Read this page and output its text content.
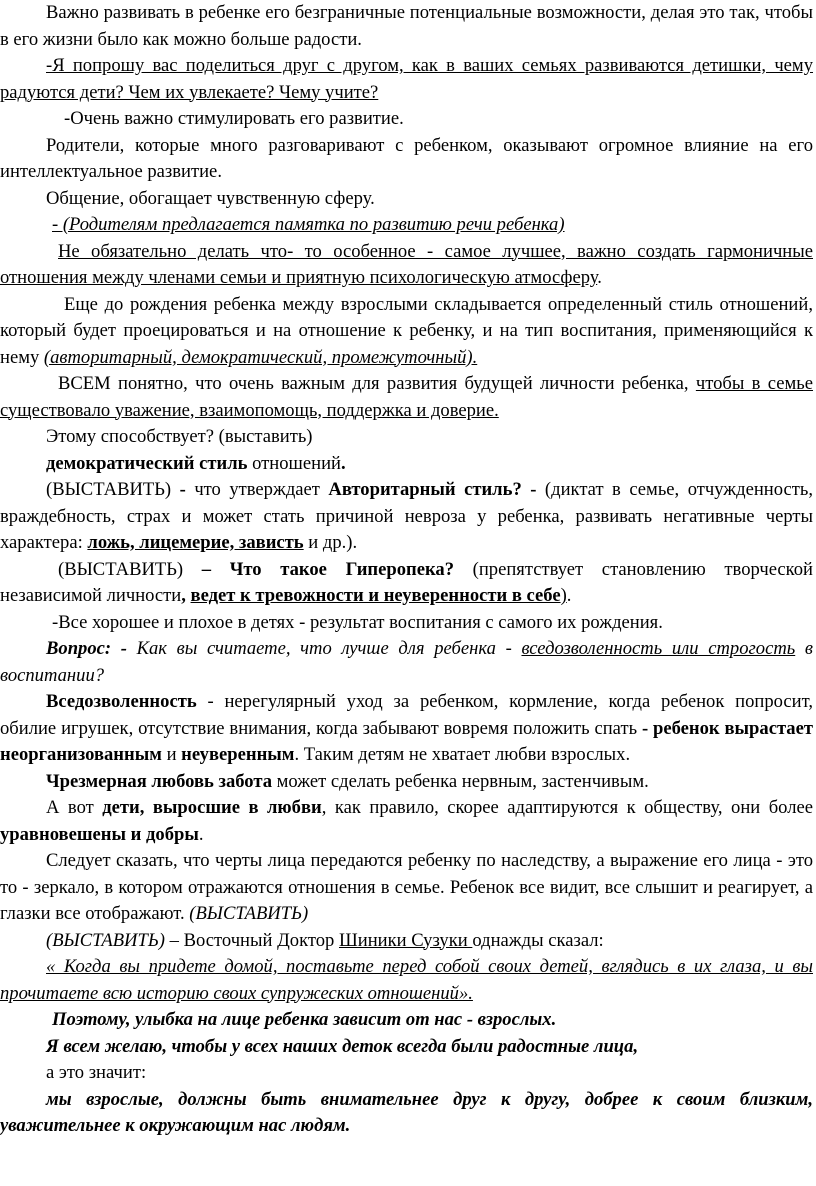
Важно развивать в ребенке его безграничные потенциальные возможности, делая это так, чтобы в его жизни было как можно больше радости.

-Я попрошу вас поделиться друг с другом, как в ваших семьях развиваются детишки, чему радуются дети? Чем их увлекаете? Чему учите?

-Очень важно стимулировать его развитие.

Родители, которые много разговаривают с ребенком, оказывают огромное влияние на его интеллектуальное развитие.

Общение, обогащает чувственную сферу.

- (Родителям предлагается памятка по развитию речи ребенка)

Не обязательно делать что- то особенное - самое лучшее, важно создать гармоничные отношения между членами семьи и приятную психологическую атмосферу.

Еще до рождения ребенка между взрослыми складывается определенный стиль отношений, который будет проецироваться и на отношение к ребенку, и на тип воспитания, применяющийся к нему (авторитарный, демократический, промежуточный).

ВСЕМ понятно, что очень важным для развития будущей личности ребенка, чтобы в семье существовало уважение, взаимопомощь, поддержка и доверие.

Этому способствует? (выставить)

демократический стиль отношений.

(ВЫСТАВИТЬ) - что утверждает Авторитарный стиль? - (диктат в семье, отчужденность, враждебность, страх и может стать причиной невроза у ребенка, развивать негативные черты характера: ложь, лицемерие, зависть и др.).

(ВЫСТАВИТЬ) – Что такое Гиперопека? (препятствует становлению творческой независимой личности, ведет к тревожности и неуверенности в себе).

-Все хорошее и плохое в детях - результат воспитания с самого их рождения.

Вопрос: - Как вы считаете, что лучше для ребенка - вседозволенность или строгость в воспитании?

Вседозволенность - нерегулярный уход за ребенком, кормление, когда ребенок попросит, обилие игрушек, отсутствие внимания, когда забывают вовремя положить спать - ребенок вырастает неорганизованным и неуверенным. Таким детям не хватает любви взрослых.

Чрезмерная любовь забота может сделать ребенка нервным, застенчивым.

А вот дети, выросшие в любви, как правило, скорее адаптируются к обществу, они более уравновешены и добры.

Следует сказать, что черты лица передаются ребенку по наследству, а выражение его лица - это то - зеркало, в котором отражаются отношения в семье. Ребенок все видит, все слышит и реагирует, а глазки все отображают. (ВЫСТАВИТЬ)

(ВЫСТАВИТЬ) – Восточный Доктор Шиники Сузуки однажды сказал:

« Когда вы придете домой, поставьте перед собой своих детей, вглядись в их глаза, и вы прочитаете всю историю своих супружеских отношений».

Поэтому, улыбка на лице ребенка зависит от нас - взрослых.

Я всем желаю, чтобы у всех наших деток всегда были радостные лица,

а это значит:

мы взрослые, должны быть внимательнее друг к другу, добрее к своим близким, уважительнее к окружающим нас людям.
